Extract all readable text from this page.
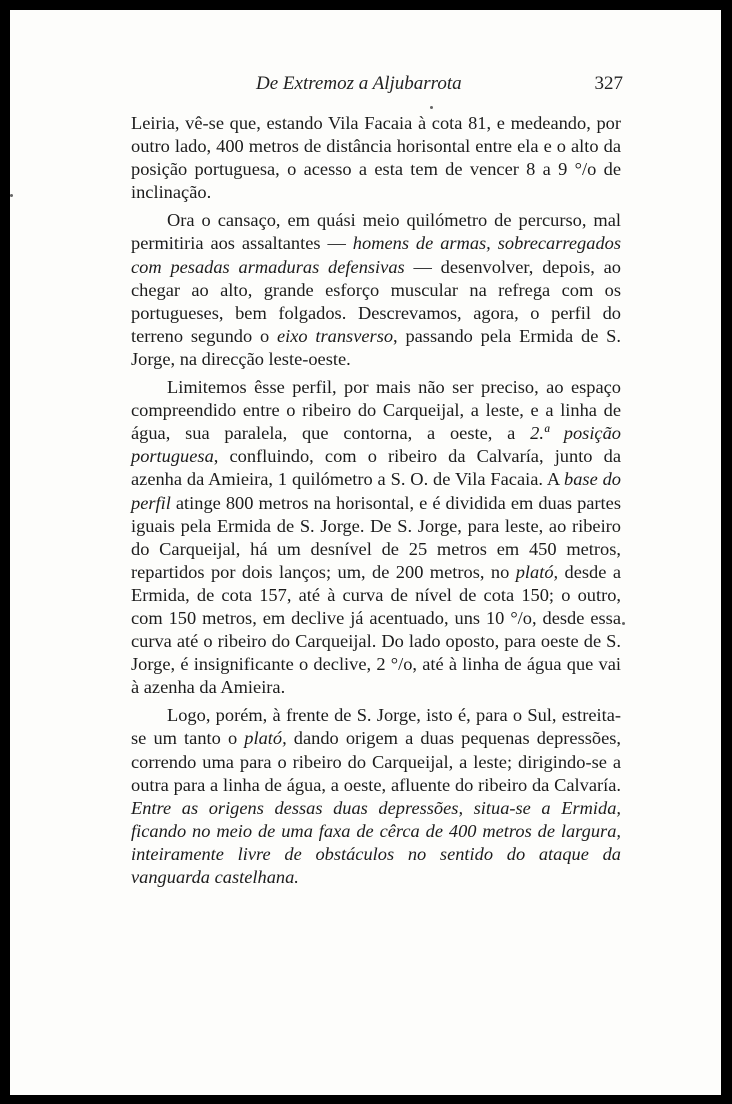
De Extremoz a Aljubarrota	327

Leiria, vê-se que, estando Vila Facaia à cota 81, e medeando, por outro lado, 400 metros de distância horisontal entre ela e o alto da posição portuguesa, o acesso a esta tem de vencer 8 a 9 °/o de inclinação.

Ora o cansaço, em quási meio quilómetro de percurso, mal permitiria aos assaltantes — homens de armas, sobrecarregados com pesadas armaduras defensivas — desenvolver, depois, ao chegar ao alto, grande esforço muscular na refrega com os portugueses, bem folgados. Descrevamos, agora, o perfil do terreno segundo o eixo transverso, passando pela Ermida de S. Jorge, na direcção leste-oeste.

Limitemos êsse perfil, por mais não ser preciso, ao espaço compreendido entre o ribeiro do Carqueijal, a leste, e a linha de água, sua paralela, que contorna, a oeste, a 2.ª posição portuguesa, confluindo, com o ribeiro da Calvaría, junto da azenha da Amieira, 1 quilómetro a S. O. de Vila Facaia. A base do perfil atinge 800 metros na horisontal, e é dividida em duas partes iguais pela Ermida de S. Jorge. De S. Jorge, para leste, ao ribeiro do Carqueijal, há um desnível de 25 metros em 450 metros, repartidos por dois lanços; um, de 200 metros, no plató, desde a Ermida, de cota 157, até à curva de nível de cota 150; o outro, com 150 metros, em declive já acentuado, uns 10 °/o, desde essa curva até o ribeiro do Carqueijal. Do lado oposto, para oeste de S. Jorge, é insignificante o declive, 2 °/o, até à linha de água que vai à azenha da Amieira.

Logo, porém, à frente de S. Jorge, isto é, para o Sul, estreita-se um tanto o plató, dando origem a duas pequenas depressões, correndo uma para o ribeiro do Carqueijal, a leste; dirigindo-se a outra para a linha de água, a oeste, afluente do ribeiro da Calvaría. Entre as origens dessas duas depressões, situa-se a Ermida, ficando no meio de uma faxa de cêrca de 400 metros de largura, inteiramente livre de obstáculos no sentido do ataque da vanguarda castelhana.
